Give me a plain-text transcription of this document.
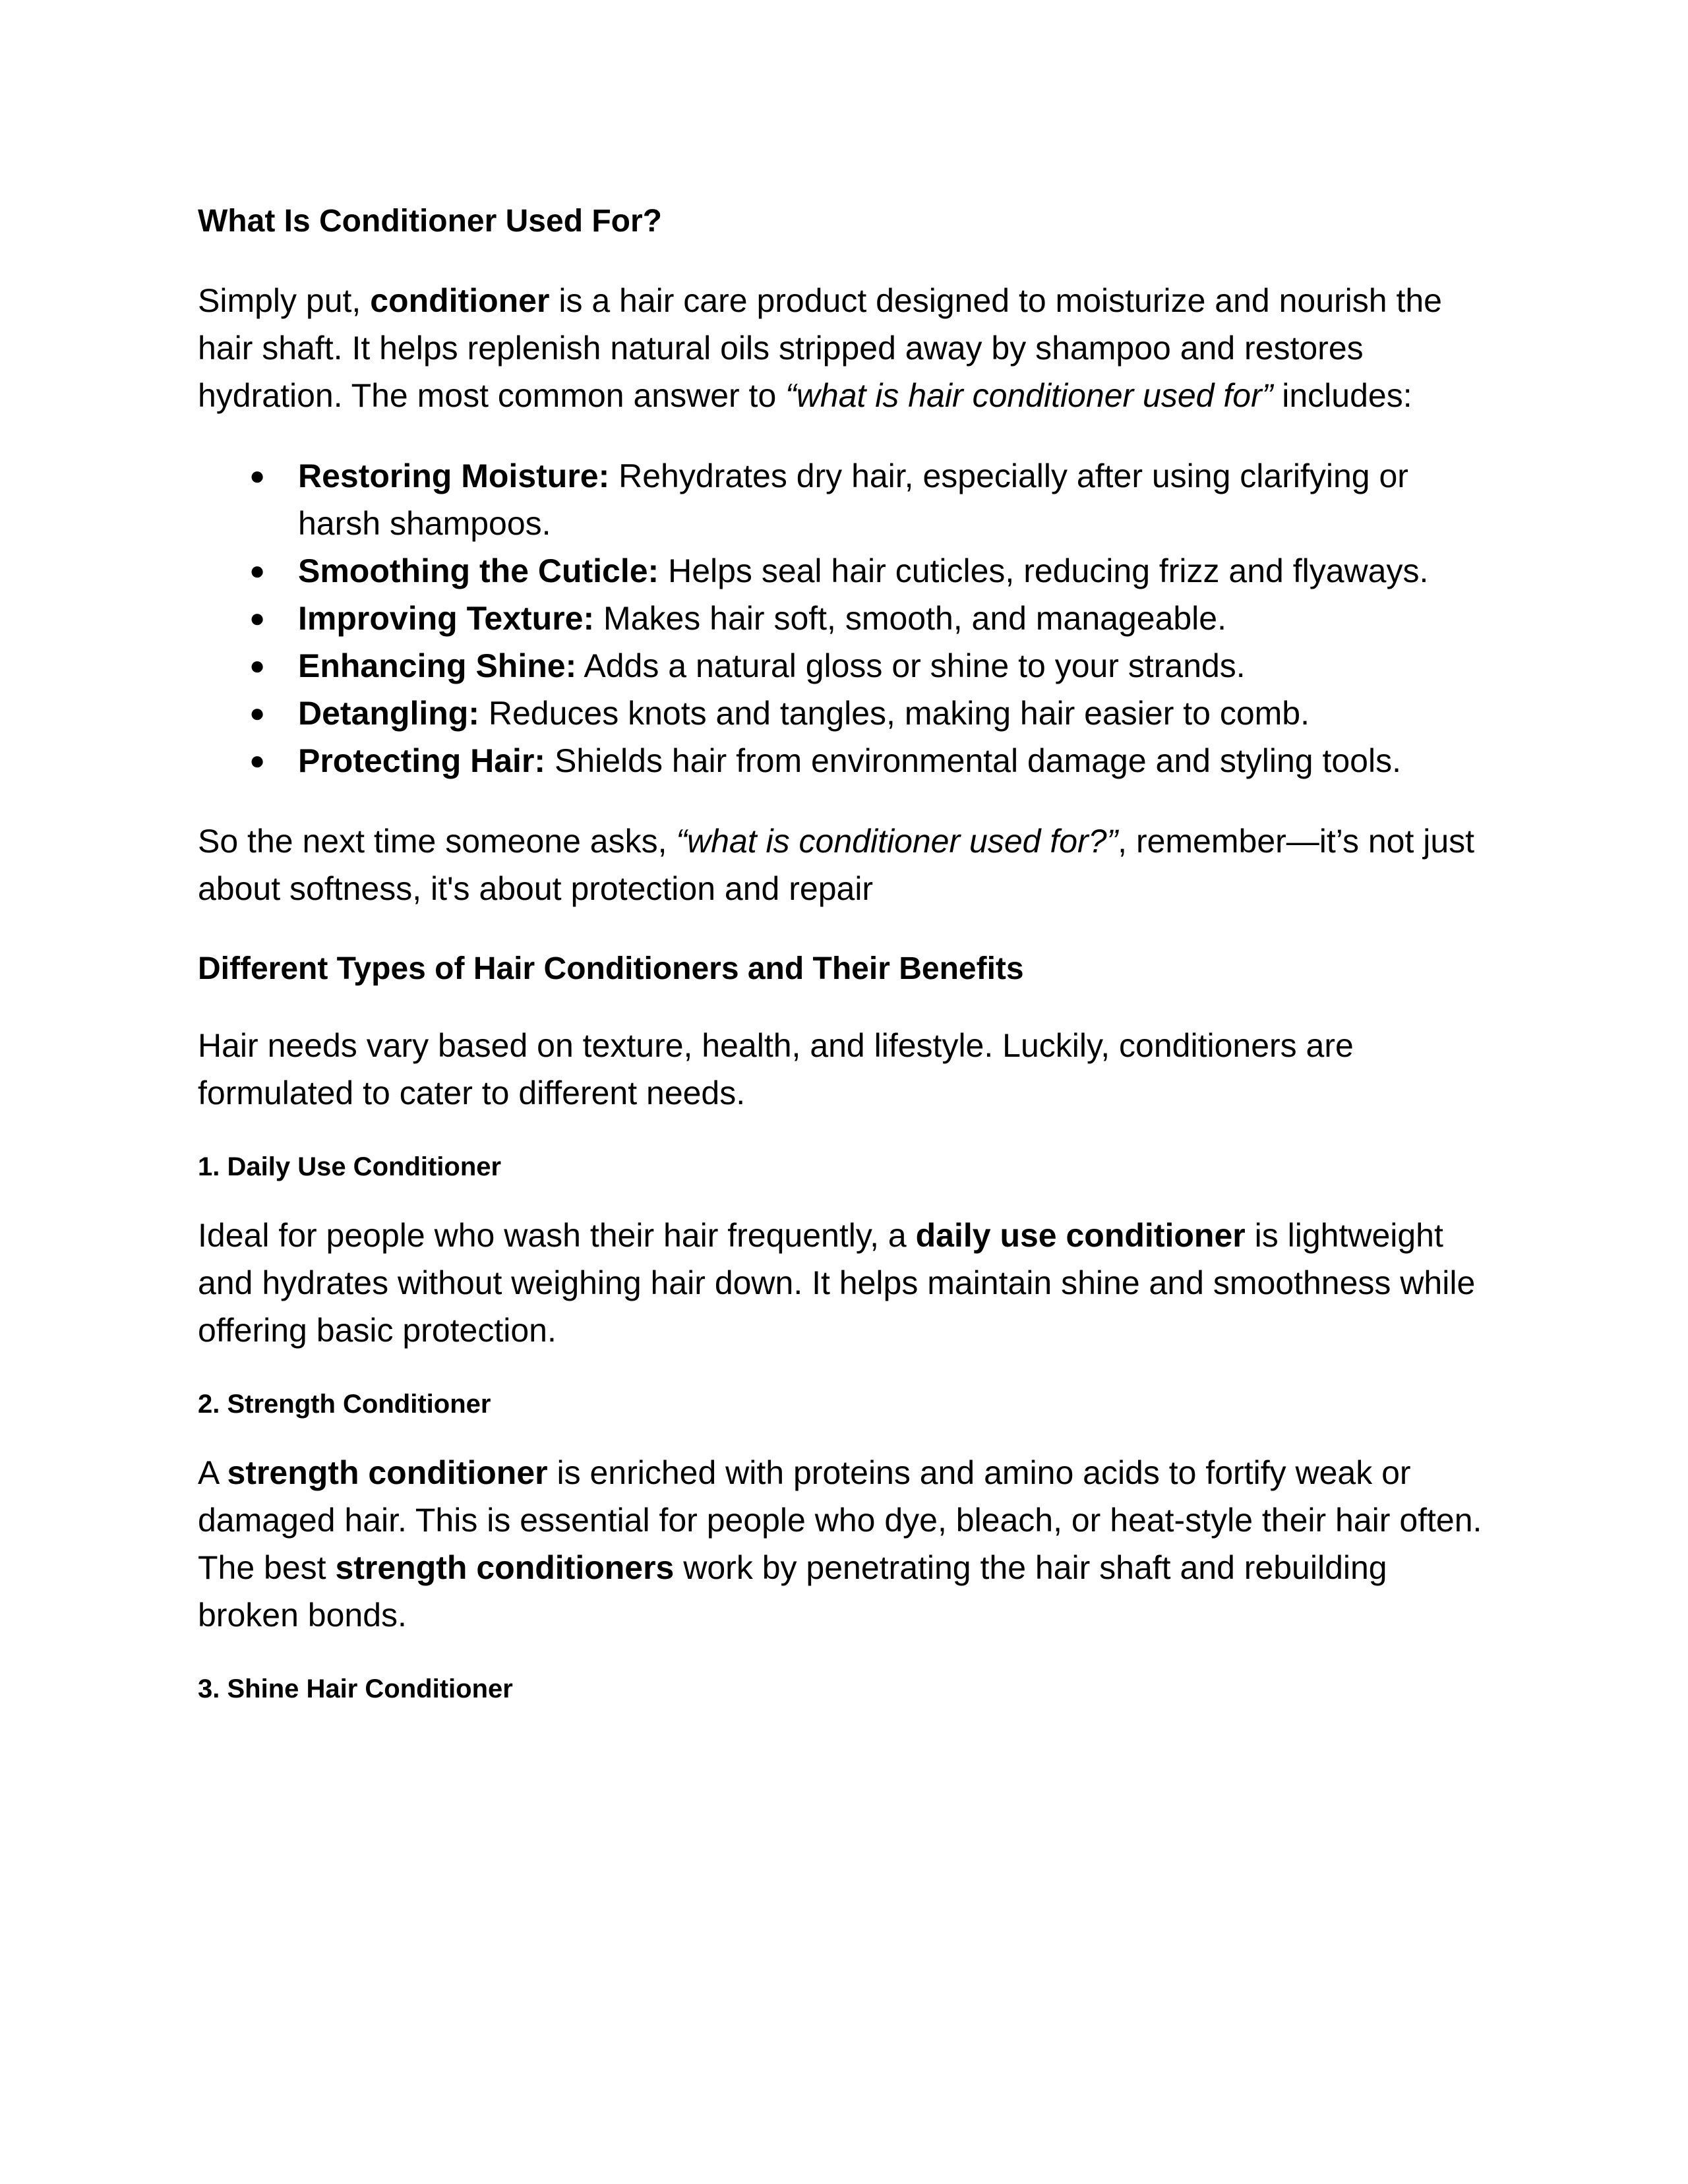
What Is Conditioner Used For?

Simply put, conditioner is a hair care product designed to moisturize and nourish the hair shaft. It helps replenish natural oils stripped away by shampoo and restores hydration. The most common answer to “what is hair conditioner used for” includes:

● Restoring Moisture: Rehydrates dry hair, especially after using clarifying or harsh shampoos.
● Smoothing the Cuticle: Helps seal hair cuticles, reducing frizz and flyaways.
● Improving Texture: Makes hair soft, smooth, and manageable.
● Enhancing Shine: Adds a natural gloss or shine to your strands.
● Detangling: Reduces knots and tangles, making hair easier to comb.
● Protecting Hair: Shields hair from environmental damage and styling tools.

So the next time someone asks, “what is conditioner used for?”, remember—it’s not just about softness, it's about protection and repair

Different Types of Hair Conditioners and Their Benefits

Hair needs vary based on texture, health, and lifestyle. Luckily, conditioners are formulated to cater to different needs.

1. Daily Use Conditioner

Ideal for people who wash their hair frequently, a daily use conditioner is lightweight and hydrates without weighing hair down. It helps maintain shine and smoothness while offering basic protection.

2. Strength Conditioner

A strength conditioner is enriched with proteins and amino acids to fortify weak or damaged hair. This is essential for people who dye, bleach, or heat-style their hair often. The best strength conditioners work by penetrating the hair shaft and rebuilding broken bonds.

3. Shine Hair Conditioner
